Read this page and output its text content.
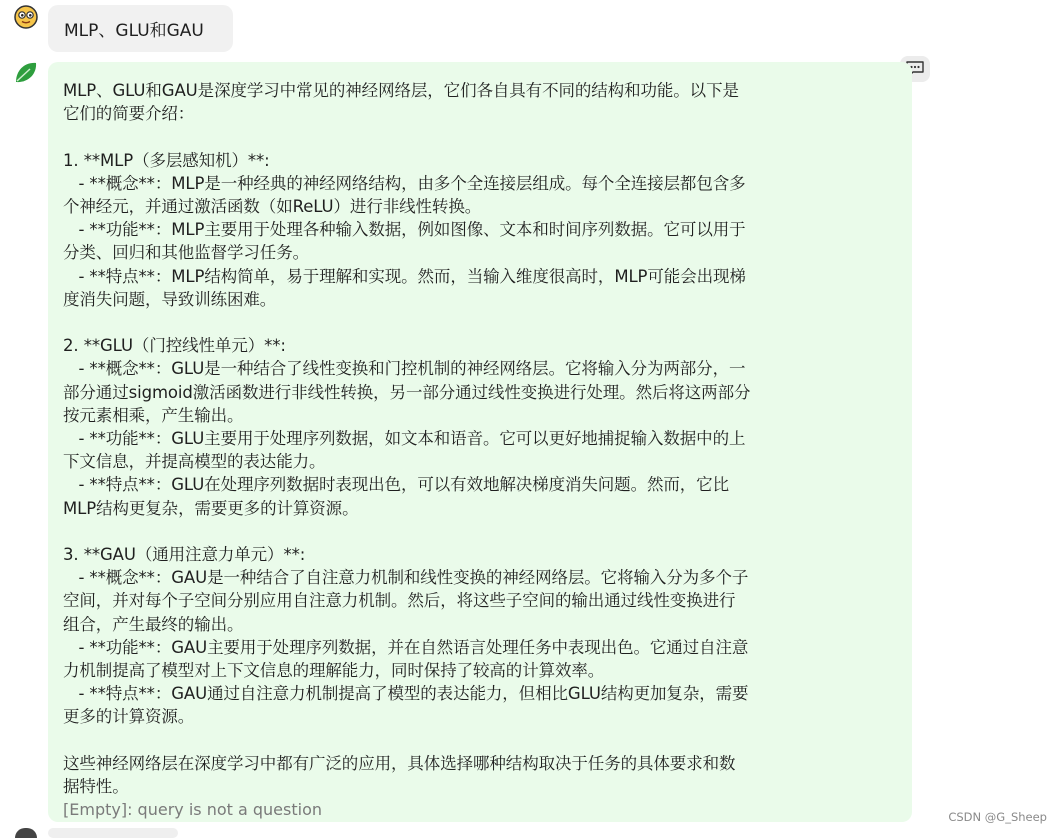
MLP、GLU和GAU
MLP、GLU和GAU是深度学习中常见的神经网络层，它们各自具有不同的结构和功能。以下是
它们的简要介绍：

1. **MLP（多层感知机）**:
- **概念**：MLP是一种经典的神经网络结构，由多个全连接层组成。每个全连接层都包含多
个神经元，并通过激活函数（如ReLU）进行非线性转换。
- **功能**：MLP主要用于处理各种输入数据，例如图像、文本和时间序列数据。它可以用于
分类、回归和其他监督学习任务。
- **特点**：MLP结构简单，易于理解和实现。然而，当输入维度很高时，MLP可能会出现梯
度消失问题，导致训练困难。

2. **GLU（门控线性单元）**:
- **概念**：GLU是一种结合了线性变换和门控机制的神经网络层。它将输入分为两部分，一
部分通过sigmoid激活函数进行非线性转换，另一部分通过线性变换进行处理。然后将这两部分
按元素相乘，产生输出。
- **功能**：GLU主要用于处理序列数据，如文本和语音。它可以更好地捕捉输入数据中的上
下文信息，并提高模型的表达能力。
- **特点**：GLU在处理序列数据时表现出色，可以有效地解决梯度消失问题。然而，它比
MLP结构更复杂，需要更多的计算资源。

3. **GAU（通用注意力单元）**:
- **概念**：GAU是一种结合了自注意力机制和线性变换的神经网络层。它将输入分为多个子
空间，并对每个子空间分别应用自注意力机制。然后，将这些子空间的输出通过线性变换进行
组合，产生最终的输出。
- **功能**：GAU主要用于处理序列数据，并在自然语言处理任务中表现出色。它通过自注意
力机制提高了模型对上下文信息的理解能力，同时保持了较高的计算效率。
- **特点**：GAU通过自注意力机制提高了模型的表达能力，但相比GLU结构更加复杂，需要
更多的计算资源。

这些神经网络层在深度学习中都有广泛的应用，具体选择哪种结构取决于任务的具体要求和数
据特性。
[Empty]: query is not a question	CSDN @G_Sheep
